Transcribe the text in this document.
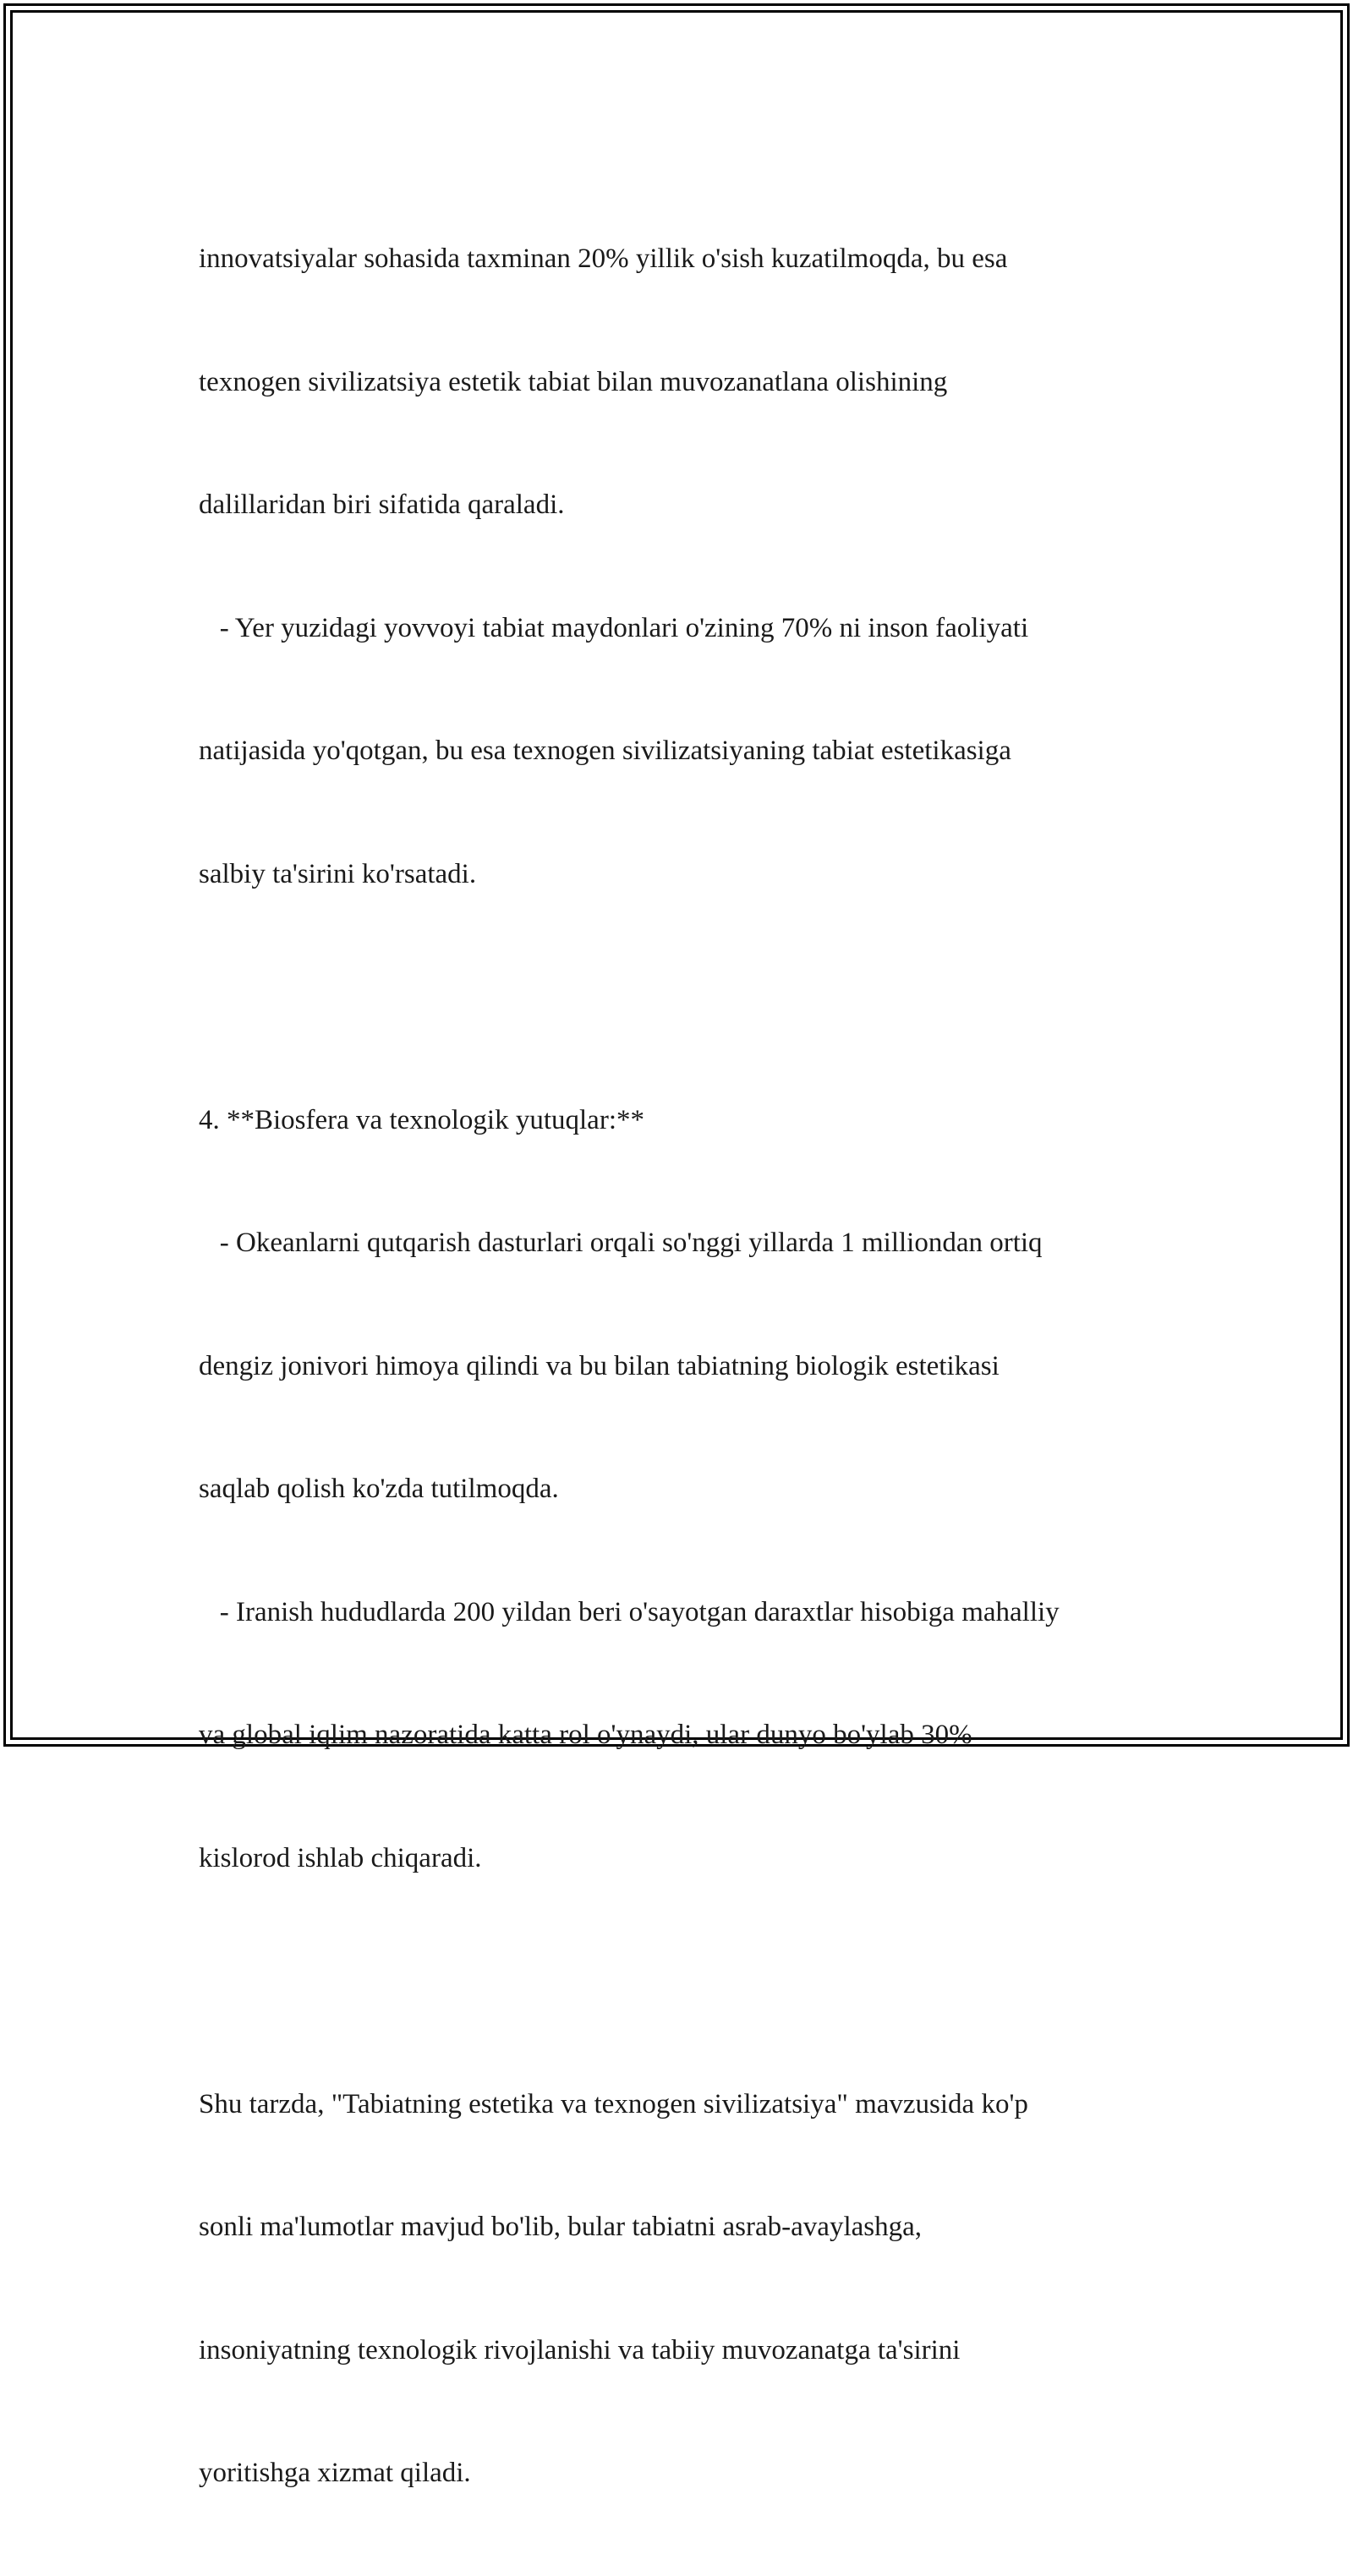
innovatsiyalar sohasida taxminan 20% yillik o'sish kuzatilmoqda, bu esa

texnogen sivilizatsiya estetik tabiat bilan muvozanatlana olishining

dalillaridan biri sifatida qaraladi.

- Yer yuzidagi yovvoyi tabiat maydonlari o'zining 70% ni inson faoliyati

natijasida yo'qotgan, bu esa texnogen sivilizatsiyaning tabiat estetikasiga

salbiy ta'sirini ko'rsatadi.

4. **Biosfera va texnologik yutuqlar:**

- Okeanlarni qutqarish dasturlari orqali so'nggi yillarda 1 milliondan ortiq

dengiz jonivori himoya qilindi va bu bilan tabiatning biologik estetikasi

saqlab qolish ko'zda tutilmoqda.

- Iranish hududlarda 200 yildan beri o'sayotgan daraxtlar hisobiga mahalliy

va global iqlim nazoratida katta rol o'ynaydi, ular dunyo bo'ylab 30%

kislorod ishlab chiqaradi.

Shu tarzda, "Tabiatning estetika va texnogen sivilizatsiya" mavzusida ko'p

sonli ma'lumotlar mavjud bo'lib, bular tabiatni asrab-avaylashga,

insoniyatning texnologik rivojlanishi va tabiiy muvozanatga ta'sirini

yoritishga xizmat qiladi.
